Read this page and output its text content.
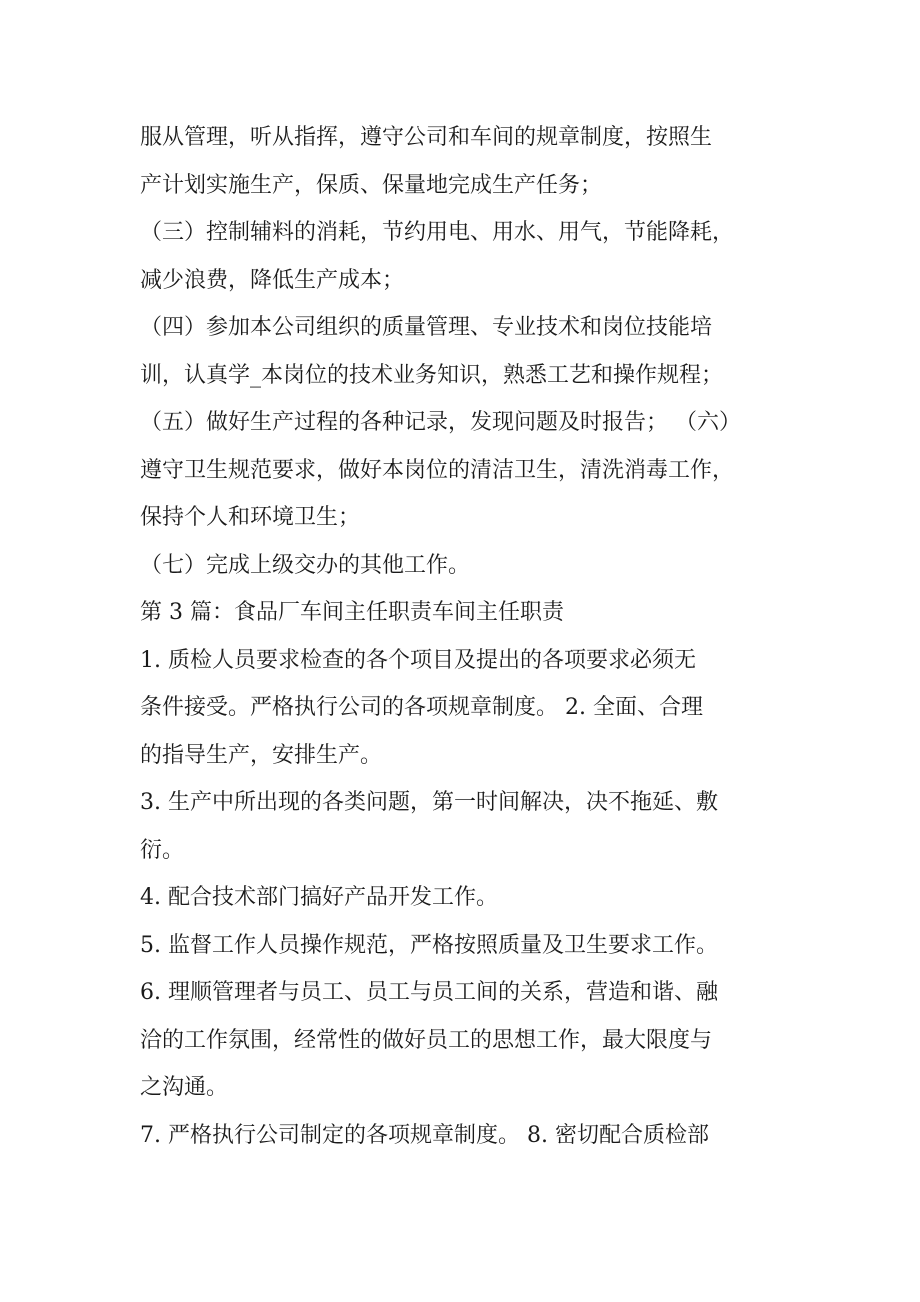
服从管理，听从指挥，遵守公司和车间的规章制度，按照生

产计划实施生产，保质、保量地完成生产任务；

（三）控制辅料的消耗，节约用电、用水、用气，节能降耗，

减少浪费，降低生产成本；

（四）参加本公司组织的质量管理、专业技术和岗位技能培

训，认真学_本岗位的技术业务知识，熟悉工艺和操作规程；

（五）做好生产过程的各种记录，发现问题及时报告； （六）

遵守卫生规范要求，做好本岗位的清洁卫生，清洗消毒工作，

保持个人和环境卫生；

（七）完成上级交办的其他工作。

第 3 篇：食品厂车间主任职责车间主任职责

1. 质检人员要求检查的各个项目及提出的各项要求必须无

条件接受。严格执行公司的各项规章制度。 2. 全面、合理

的指导生产，安排生产。

3. 生产中所出现的各类问题，第一时间解决，决不拖延、敷

衍。

4. 配合技术部门搞好产品开发工作。

5. 监督工作人员操作规范，严格按照质量及卫生要求工作。

6. 理顺管理者与员工、员工与员工间的关系，营造和谐、融

洽的工作氛围，经常性的做好员工的思想工作，最大限度与

之沟通。

7. 严格执行公司制定的各项规章制度。 8. 密切配合质检部
